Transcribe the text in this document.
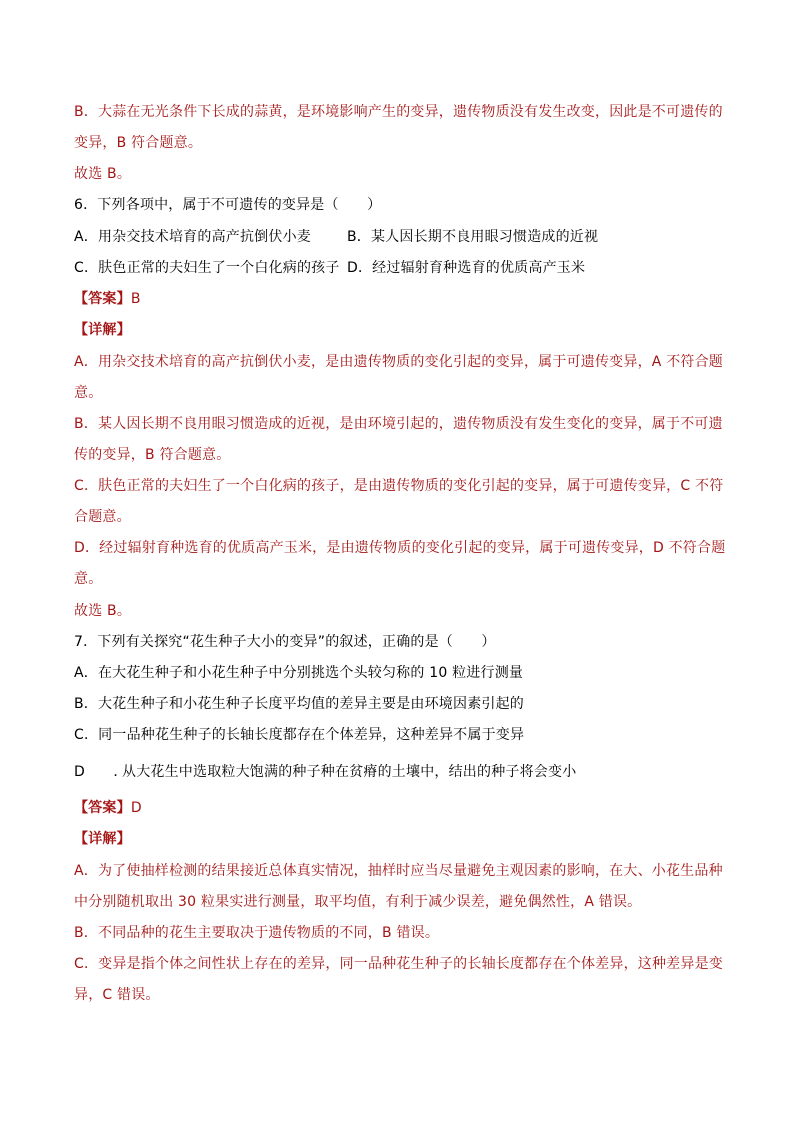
B．大蒜在无光条件下长成的蒜黄，是环境影响产生的变异，遗传物质没有发生改变，因此是不可遗传的
变异，B 符合题意。
故选 B。
6．下列各项中，属于不可遗传的变异是（　　）
A．用杂交技术培育的高产抗倒伏小麦	B．某人因长期不良用眼习惯造成的近视
C．肤色正常的夫妇生了一个白化病的孩子 D．经过辐射育种选育的优质高产玉米
【答案】B
【详解】
A．用杂交技术培育的高产抗倒伏小麦，是由遗传物质的变化引起的变异，属于可遗传变异，A 不符合题
意。
B．某人因长期不良用眼习惯造成的近视，是由环境引起的，遗传物质没有发生变化的变异，属于不可遗
传的变异，B 符合题意。
C．肤色正常的夫妇生了一个白化病的孩子，是由遗传物质的变化引起的变异，属于可遗传变异，C 不符
合题意。
D．经过辐射育种选育的优质高产玉米，是由遗传物质的变化引起的变异，属于可遗传变异，D 不符合题
意。
故选 B。
7．下列有关探究“花生种子大小的变异”的叙述，正确的是（　　）
A．在大花生种子和小花生种子中分别挑选个头较匀称的 10 粒进行测量
B．大花生种子和小花生种子长度平均值的差异主要是由环境因素引起的
C．同一品种花生种子的长轴长度都存在个体差异，这种差异不属于变异
D　　．从大花生中选取粒大饱满的种子种在贫瘠的土壤中，结出的种子将会变小
【答案】D
【详解】
A．为了使抽样检测的结果接近总体真实情况，抽样时应当尽量避免主观因素的影响，在大、小花生品种
中分别随机取出 30 粒果实进行测量，取平均值，有利于减少误差，避免偶然性，A 错误。
B．不同品种的花生主要取决于遗传物质的不同，B 错误。
C．变异是指个体之间性状上存在的差异，同一品种花生种子的长轴长度都存在个体差异，这种差异是变
异，C 错误。
